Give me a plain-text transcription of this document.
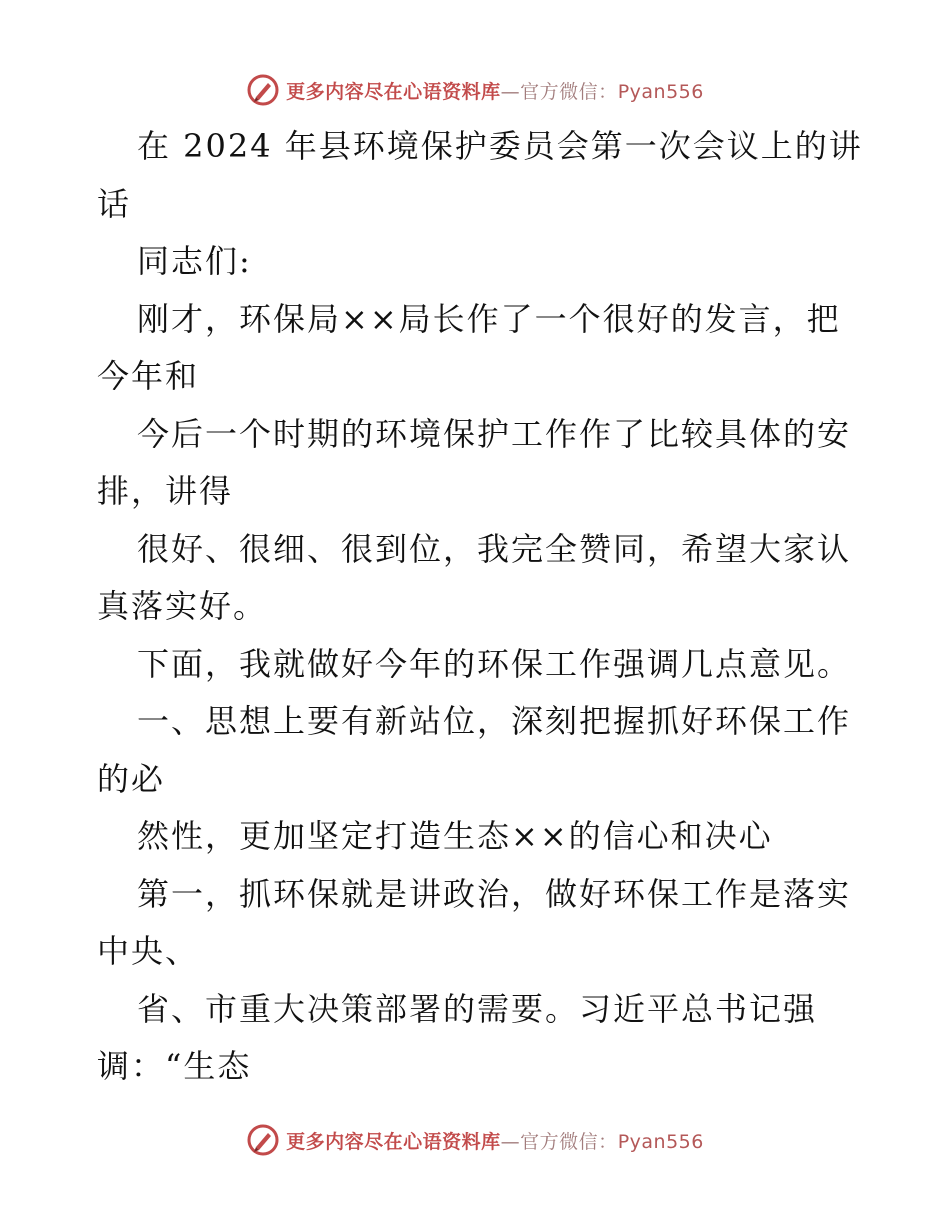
更多内容尽在心语资料库—官方微信：Pyan556
在 2024 年县环境保护委员会第一次会议上的讲
话
同志们:
刚才，环保局××局长作了一个很好的发言，把
今年和
今后一个时期的环境保护工作作了比较具体的安
排，讲得
很好、很细、很到位，我完全赞同，希望大家认
真落实好。
下面，我就做好今年的环保工作强调几点意见。
一、思想上要有新站位，深刻把握抓好环保工作
的必
然性，更加坚定打造生态××的信心和决心
第一，抓环保就是讲政治，做好环保工作是落实
中央、
省、市重大决策部署的需要。习近平总书记强
调：“生态
更多内容尽在心语资料库—官方微信：Pyan556
